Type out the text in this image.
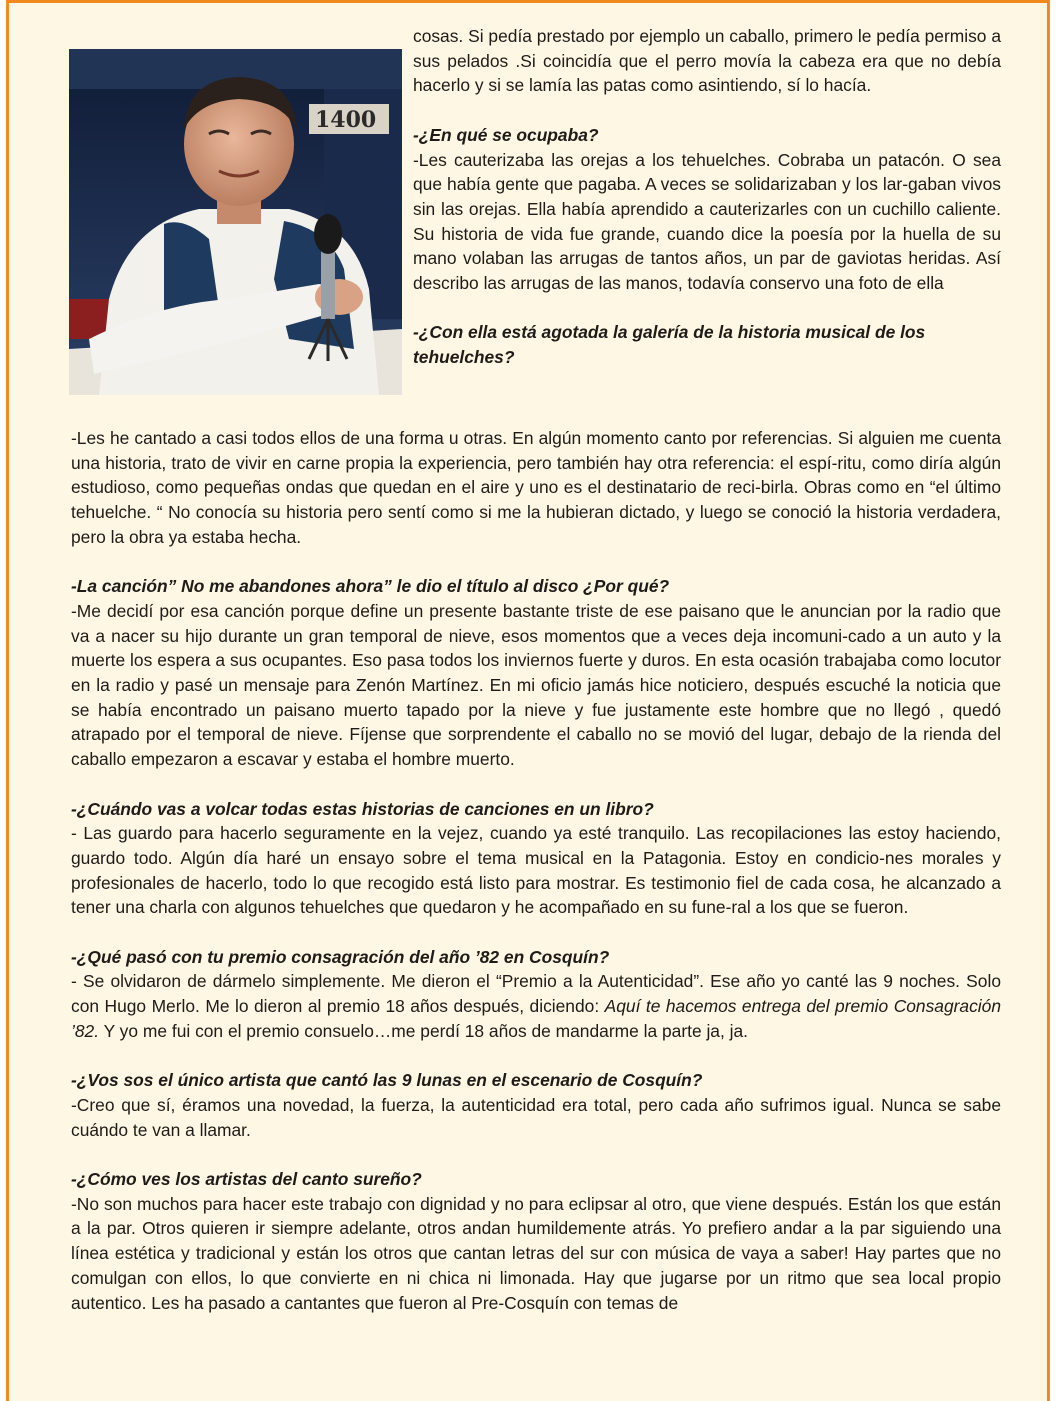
1400

cosas. Si pedía prestado por ejemplo un caballo, primero le pedía permiso a sus pelados .Si coincidía que el perro movía la cabeza era que no debía hacerlo y si se lamía las patas como asintiendo, sí lo hacía.

-¿En qué se ocupaba?

-Les cauterizaba las orejas a los tehuelches. Cobraba un patacón. O sea que había gente que pagaba. A veces se solidarizaban y los lar-gaban vivos sin las orejas. Ella había aprendido a cauterizarles con un cuchillo caliente. Su historia de vida fue grande, cuando dice la poesía por la huella de su mano volaban las arrugas de tantos años, un par de gaviotas heridas. Así describo las arrugas de las manos, todavía conservo una foto de ella

-¿Con ella está agotada la galería de la historia musical de los tehuelches?

-Les he cantado a casi todos ellos de una forma u otras. En algún momento canto por referencias. Si alguien me cuenta una historia, trato de vivir en carne propia la experiencia, pero también hay otra referencia: el espí-ritu, como diría algún estudioso, como pequeñas ondas que quedan en el aire y uno es el destinatario de reci-birla. Obras como en “el último tehuelche. “ No conocía su historia pero sentí como si me la hubieran dictado, y luego se conoció la historia verdadera, pero la obra ya estaba hecha.

-La canción” No me abandones ahora” le dio el título al disco ¿Por qué?

-Me decidí por esa canción porque define un presente bastante triste de ese paisano que le anuncian por la radio que va a nacer su hijo durante un gran temporal de nieve, esos momentos que a veces deja incomuni-cado a un auto y la muerte los espera a sus ocupantes. Eso pasa todos los inviernos fuerte y duros. En esta ocasión trabajaba como locutor en la radio y pasé un mensaje para Zenón Martínez. En mi oficio jamás hice noticiero, después escuché la noticia que se había encontrado un paisano muerto tapado por la nieve y fue justamente este hombre que no llegó , quedó atrapado por el temporal de nieve. Fíjense que sorprendente el caballo no se movió del lugar, debajo de la rienda del caballo empezaron a escavar y estaba el hombre muerto.

-¿Cuándo vas a volcar todas estas historias de canciones en un libro?

- Las guardo para hacerlo seguramente en la vejez, cuando ya esté tranquilo. Las recopilaciones las estoy haciendo, guardo todo. Algún día haré un ensayo sobre el tema musical en la Patagonia. Estoy en condicio-nes morales y profesionales de hacerlo, todo lo que recogido está listo para mostrar. Es testimonio fiel de cada cosa, he alcanzado a tener una charla con algunos tehuelches que quedaron y he acompañado en su fune-ral a los que se fueron.

-¿Qué pasó con tu premio consagración del año ’82 en Cosquín?

- Se olvidaron de dármelo simplemente. Me dieron el “Premio a la Autenticidad”. Ese año yo canté las 9 noches. Solo con Hugo Merlo. Me lo dieron al premio 18 años después, diciendo: Aquí te hacemos entrega del premio Consagración ’82. Y yo me fui con el premio consuelo…me perdí 18 años de mandarme la parte ja, ja.

-¿Vos sos el único artista que cantó las 9 lunas en el escenario de Cosquín?

-Creo que sí, éramos una novedad, la fuerza, la autenticidad era total, pero cada año sufrimos igual. Nunca se sabe cuándo te van a llamar.

-¿Cómo ves los artistas del canto sureño?

-No son muchos para hacer este trabajo con dignidad y no para eclipsar al otro, que viene después. Están los que están a la par. Otros quieren ir siempre adelante, otros andan humildemente atrás. Yo prefiero andar a la par siguiendo una línea estética y tradicional y están los otros que cantan letras del sur con música de vaya a saber! Hay partes que no comulgan con ellos, lo que convierte en ni chica ni limonada. Hay que jugarse por un ritmo que sea local propio autentico. Les ha pasado a cantantes que fueron al Pre-Cosquín con temas de
